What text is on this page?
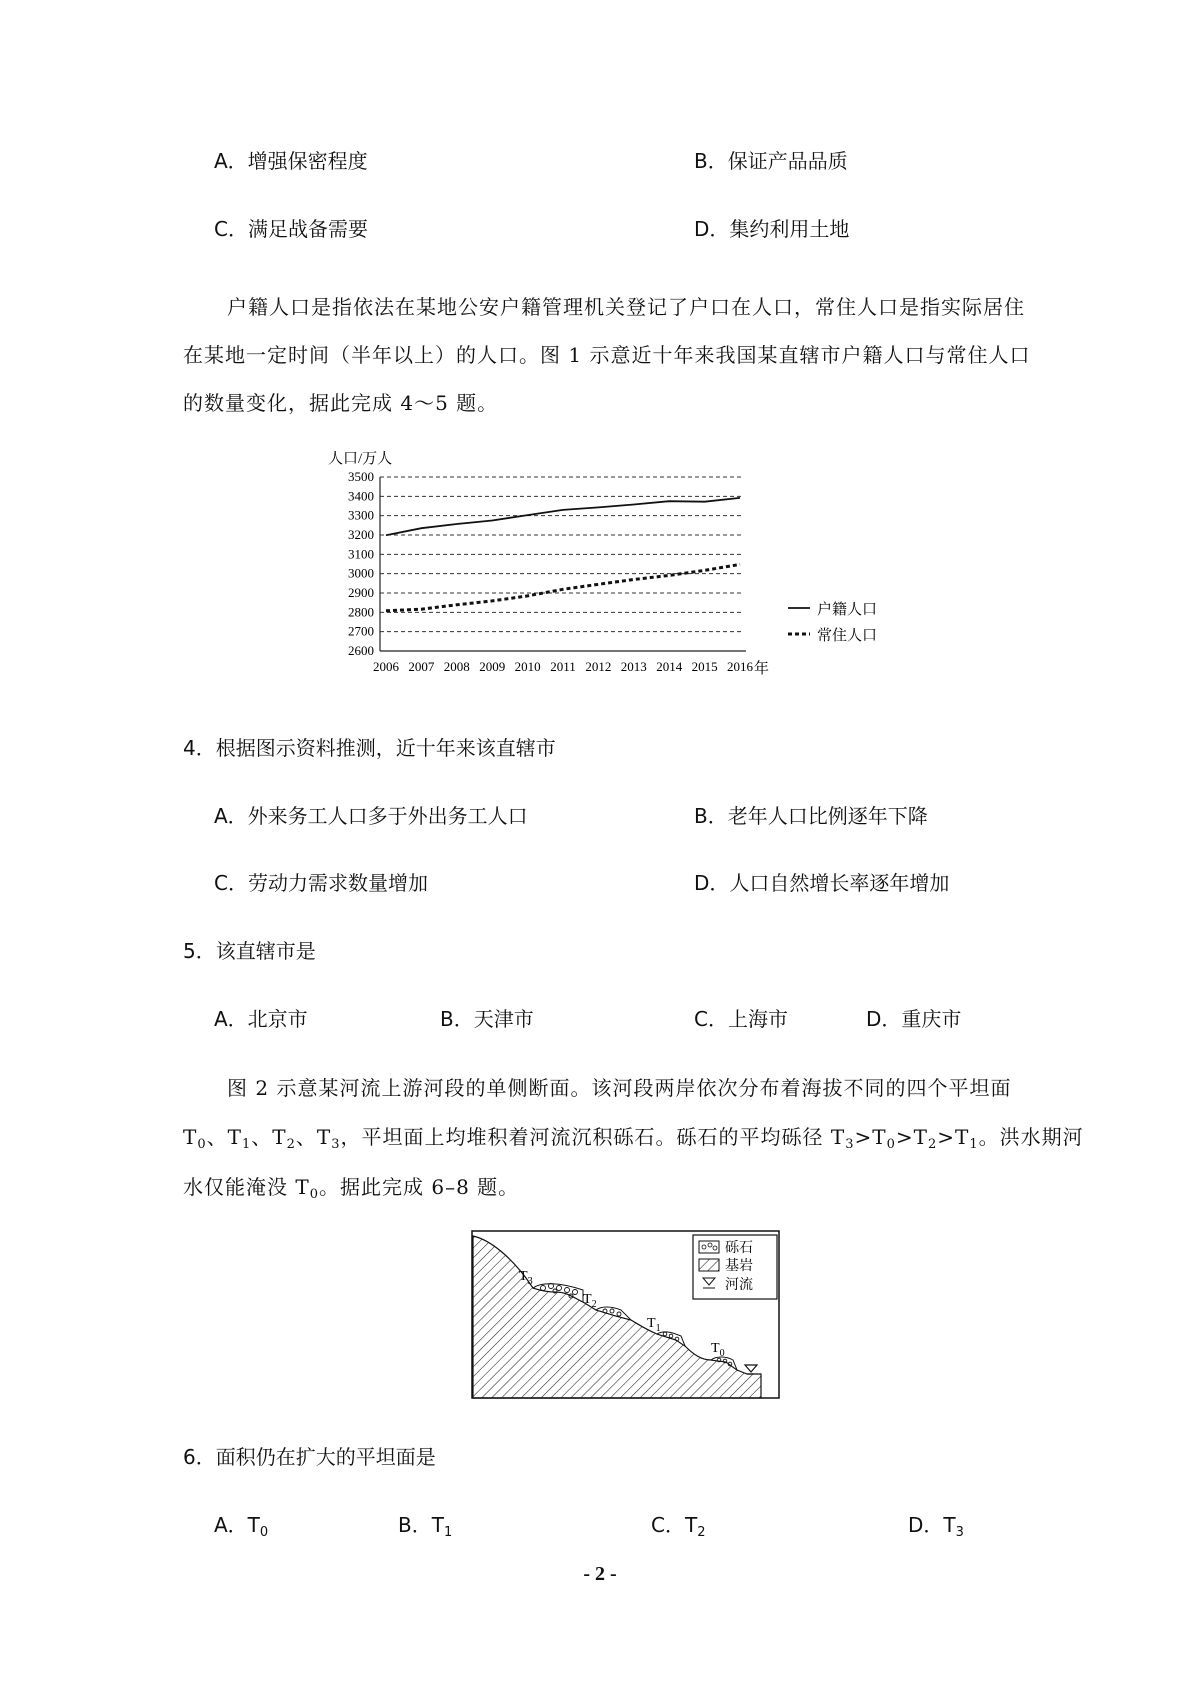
A．增强保密程度	B．保证产品品质
C．满足战备需要	D．集约利用土地
户籍人口是指依法在某地公安户籍管理机关登记了户口在人口，常住人口是指实际居住在某地一定时间（半年以上）的人口。图 1 示意近十年来我国某直辖市户籍人口与常住人口的数量变化，据此完成 4～5 题。
人口/万人
3500
3400
3300
3200
3100
3000
2900
2800
2700
2600
2006 2007 2008 2009 2010 2011 2012 2013 2014 2015 2016 年
户籍人口
常住人口
4．根据图示资料推测，近十年来该直辖市
A．外来务工人口多于外出务工人口	B．老年人口比例逐年下降
C．劳动力需求数量增加	D．人口自然增长率逐年增加
5．该直辖市是
A．北京市	B．天津市	C．上海市	D．重庆市
图 2 示意某河流上游河段的单侧断面。该河段两岸依次分布着海拔不同的四个平坦面
$T_0$、$T_1$、$T_2$、$T_3$，平坦面上均堆积着河流沉积砾石。砾石的平均砾径 $T_3>T_0>T_2>T_1$。洪水期河
水仅能淹没 $T_0$。据此完成 6–8 题。
$T_3$
$T_2$
$T_1$
$T_0$
砾石
基岩
河流
6．面积仍在扩大的平坦面是
A．$T_0$	B．$T_1$	C．$T_2$	D．$T_3$
- 2 -
